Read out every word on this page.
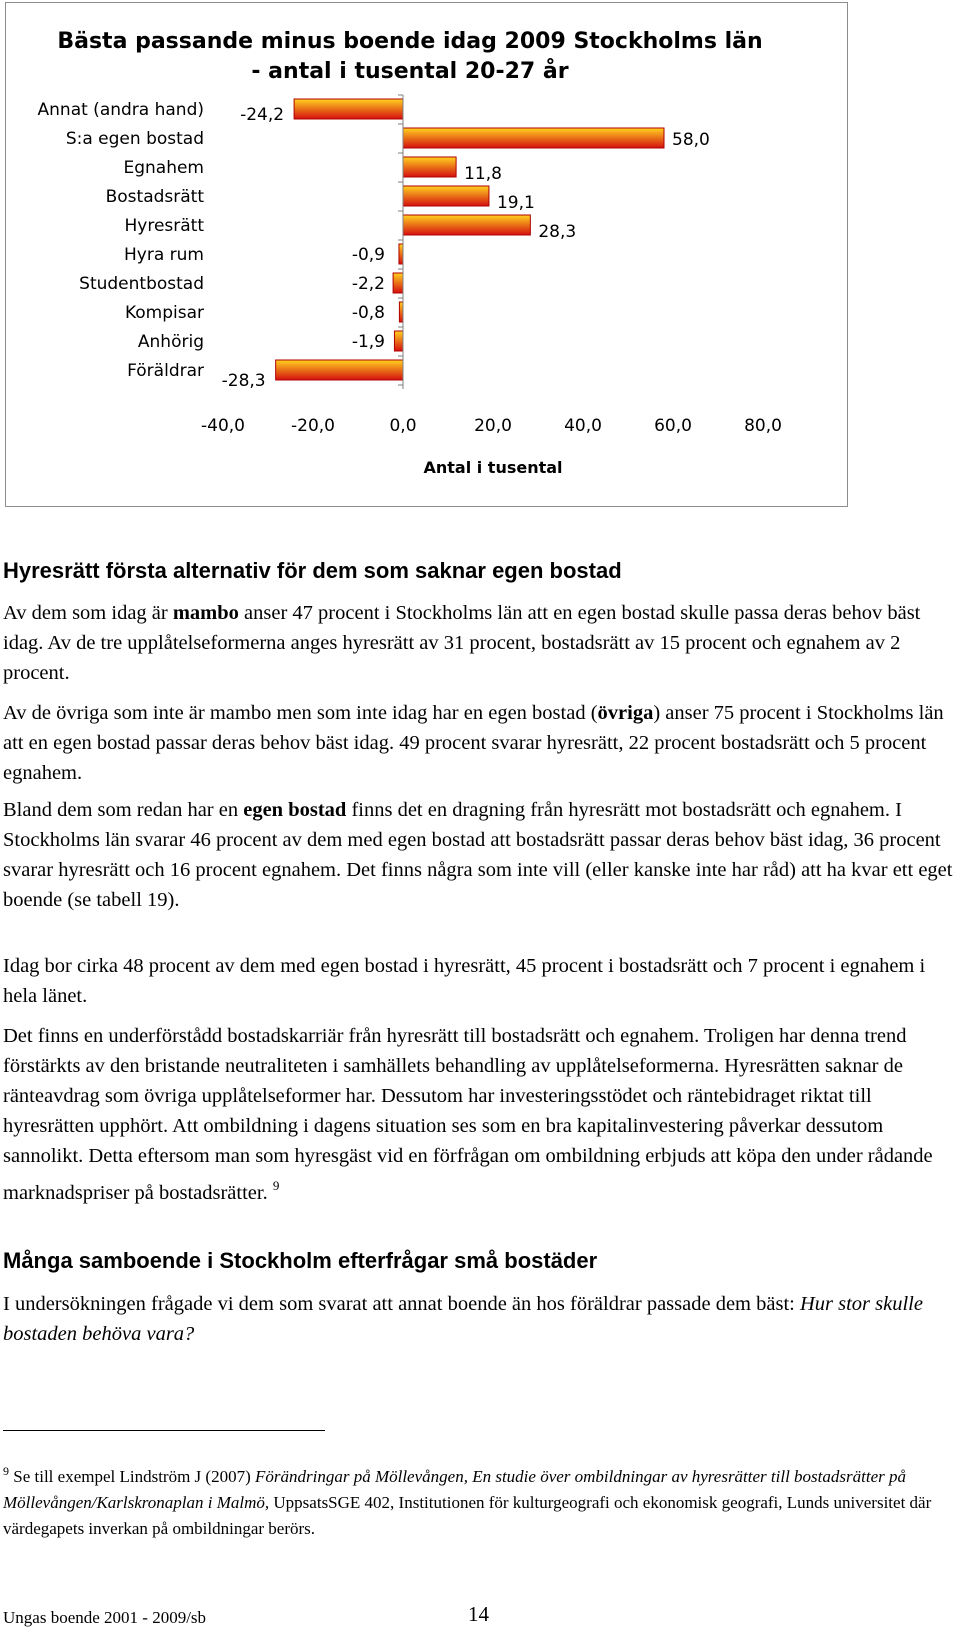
Bästa passande minus boende idag 2009 Stockholms län
- antal i tusental 20-27 år
Annat (andra hand)
S:a egen bostad
Egnahem
Bostadsrätt
Hyresrätt
Hyra rum
Studentbostad
Kompisar
Anhörig
Föräldrar
-24,2
58,0
11,8
19,1
28,3
-0,9
-2,2
-0,8
-1,9
-28,3
-40,0	-20,0	0,0	20,0	40,0	60,0	80,0
Antal i tusental
Hyresrätt första alternativ för dem som saknar egen bostad

Av dem som idag är mambo anser 47 procent i Stockholms län att en egen bostad skulle passa deras behov bäst idag. Av de tre upplåtelseformerna anges hyresrätt av 31 procent, bostadsrätt av 15 procent och egnahem av 2 procent.

Av de övriga som inte är mambo men som inte idag har en egen bostad (övriga) anser 75 procent i Stockholms län att en egen bostad passar deras behov bäst idag. 49 procent svarar hyresrätt, 22 procent bostadsrätt och 5 procent egnahem.

Bland dem som redan har en egen bostad finns det en dragning från hyresrätt mot bostadsrätt och egnahem. I Stockholms län svarar 46 procent av dem med egen bostad att bostadsrätt passar deras behov bäst idag, 36 procent svarar hyresrätt och 16 procent egnahem. Det finns några som inte vill (eller kanske inte har råd) att ha kvar ett eget boende (se tabell 19).

Idag bor cirka 48 procent av dem med egen bostad i hyresrätt, 45 procent i bostadsrätt och 7 procent i egnahem i hela länet.

Det finns en underförstådd bostadskarriär från hyresrätt till bostadsrätt och egnahem. Troligen har denna trend förstärkts av den bristande neutraliteten i samhällets behandling av upplåtelseformerna. Hyresrätten saknar de ränteavdrag som övriga upplåtelseformer har. Dessutom har investeringsstödet och räntebidraget riktat till hyresrätten upphört. Att ombildning i dagens situation ses som en bra kapitalinvestering påverkar dessutom sannolikt. Detta eftersom man som hyresgäst vid en förfrågan om ombildning erbjuds att köpa den under rådande marknadspriser på bostadsrätter. $^9$

Många samboende i Stockholm efterfrågar små bostäder

I undersökningen frågade vi dem som svarat att annat boende än hos föräldrar passade dem bäst: Hur stor skulle bostaden behöva vara?

$^9$ Se till exempel Lindström J (2007) Förändringar på Möllevången, En studie över ombildningar av hyresrätter till bostadsrätter på Möllevången/Karlskronaplan i Malmö, UppsatsSGE 402, Institutionen för kulturgeografi och ekonomisk geografi, Lunds universitet där värdegapets inverkan på ombildningar berörs.

Ungas boende 2001 - 2009/sb	14
